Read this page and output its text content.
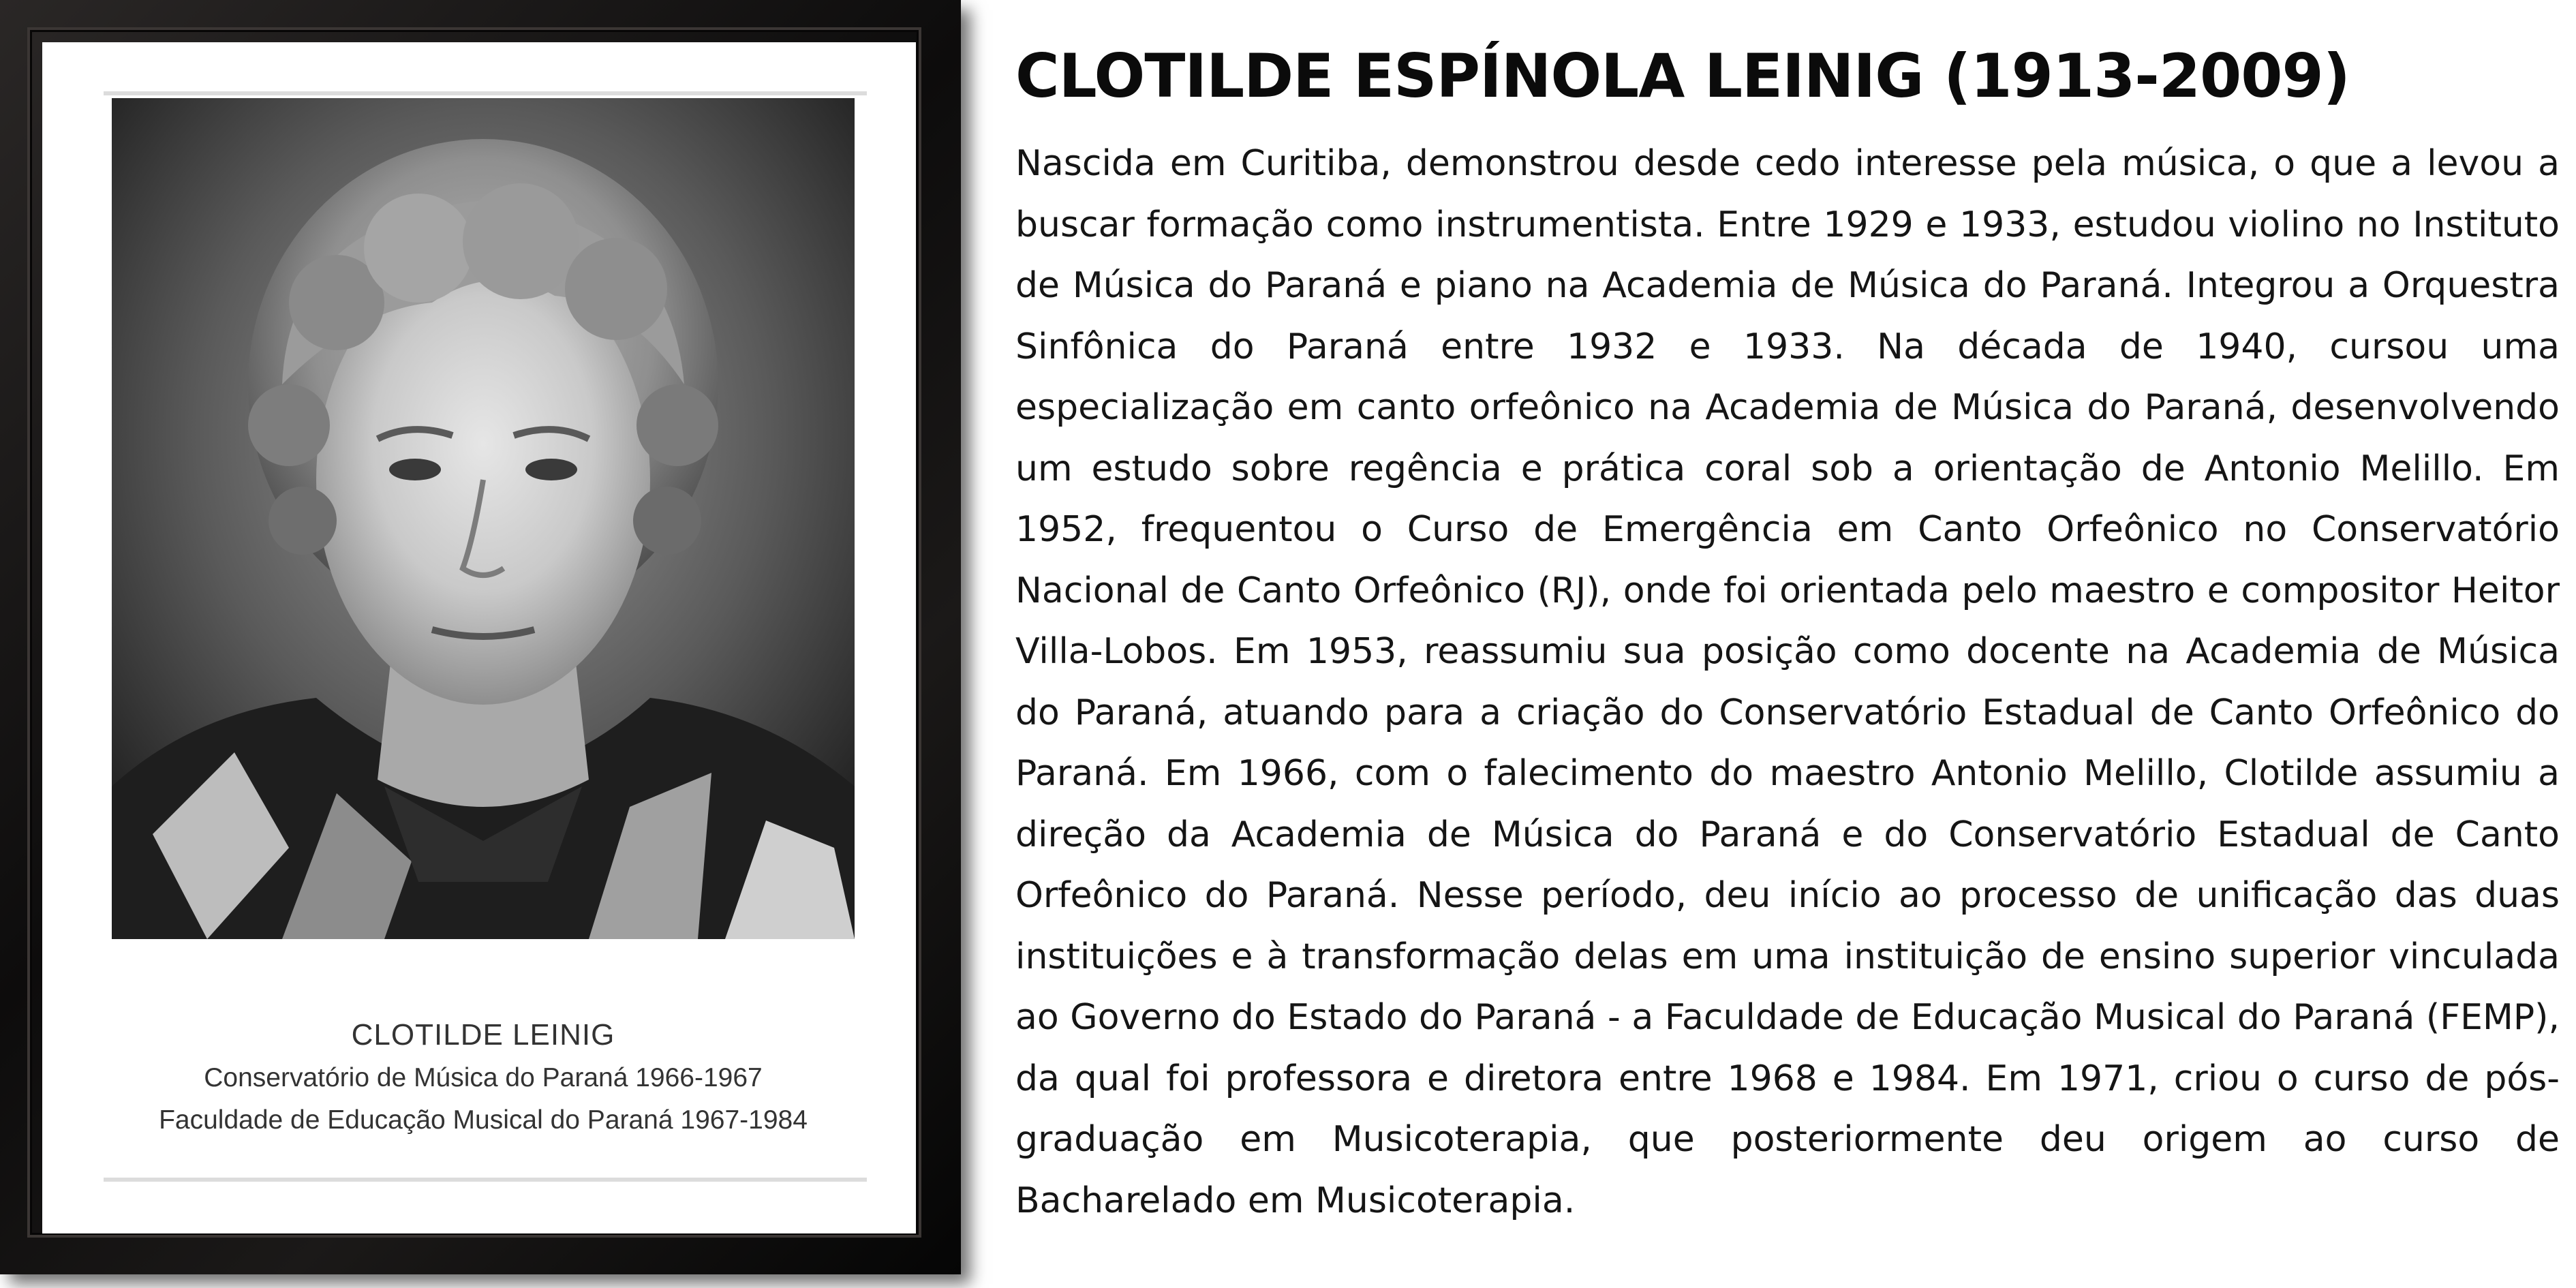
CLOTILDE LEINIG
Conservatório de Música do Paraná 1966-1967
Faculdade de Educação Musical do Paraná 1967-1984
CLOTILDE ESPÍNOLA LEINIG (1913-2009)

Nascida em Curitiba, demonstrou desde cedo interesse pela música, o que a levou a buscar formação como instrumentista. Entre 1929 e 1933, estudou violino no Instituto de Música do Paraná e piano na Academia de Música do Paraná. Integrou a Orquestra Sinfônica do Paraná entre 1932 e 1933. Na década de 1940, cursou uma especialização em canto orfeônico na Academia de Música do Paraná, desenvolvendo um estudo sobre regência e prática coral sob a orientação de Antonio Melillo. Em 1952, frequentou o Curso de Emergência em Canto Orfeônico no Conservatório Nacional de Canto Orfeônico (RJ), onde foi orientada pelo maestro e compositor Heitor Villa-Lobos. Em 1953, reassumiu sua posição como docente na Academia de Música do Paraná, atuando para a criação do Conservatório Estadual de Canto Orfeônico do Paraná. Em 1966, com o falecimento do maestro Antonio Melillo, Clotilde assumiu a direção da Academia de Música do Paraná e do Conservatório Estadual de Canto Orfeônico do Paraná. Nesse período, deu início ao processo de unificação das duas instituições e à transformação delas em uma instituição de ensino superior vinculada ao Governo do Estado do Paraná - a Faculdade de Educação Musical do Paraná (FEMP), da qual foi professora e diretora entre 1968 e 1984. Em 1971, criou o curso de pós-graduação em Musicoterapia, que posteriormente deu origem ao curso de Bacharelado em Musicoterapia.
